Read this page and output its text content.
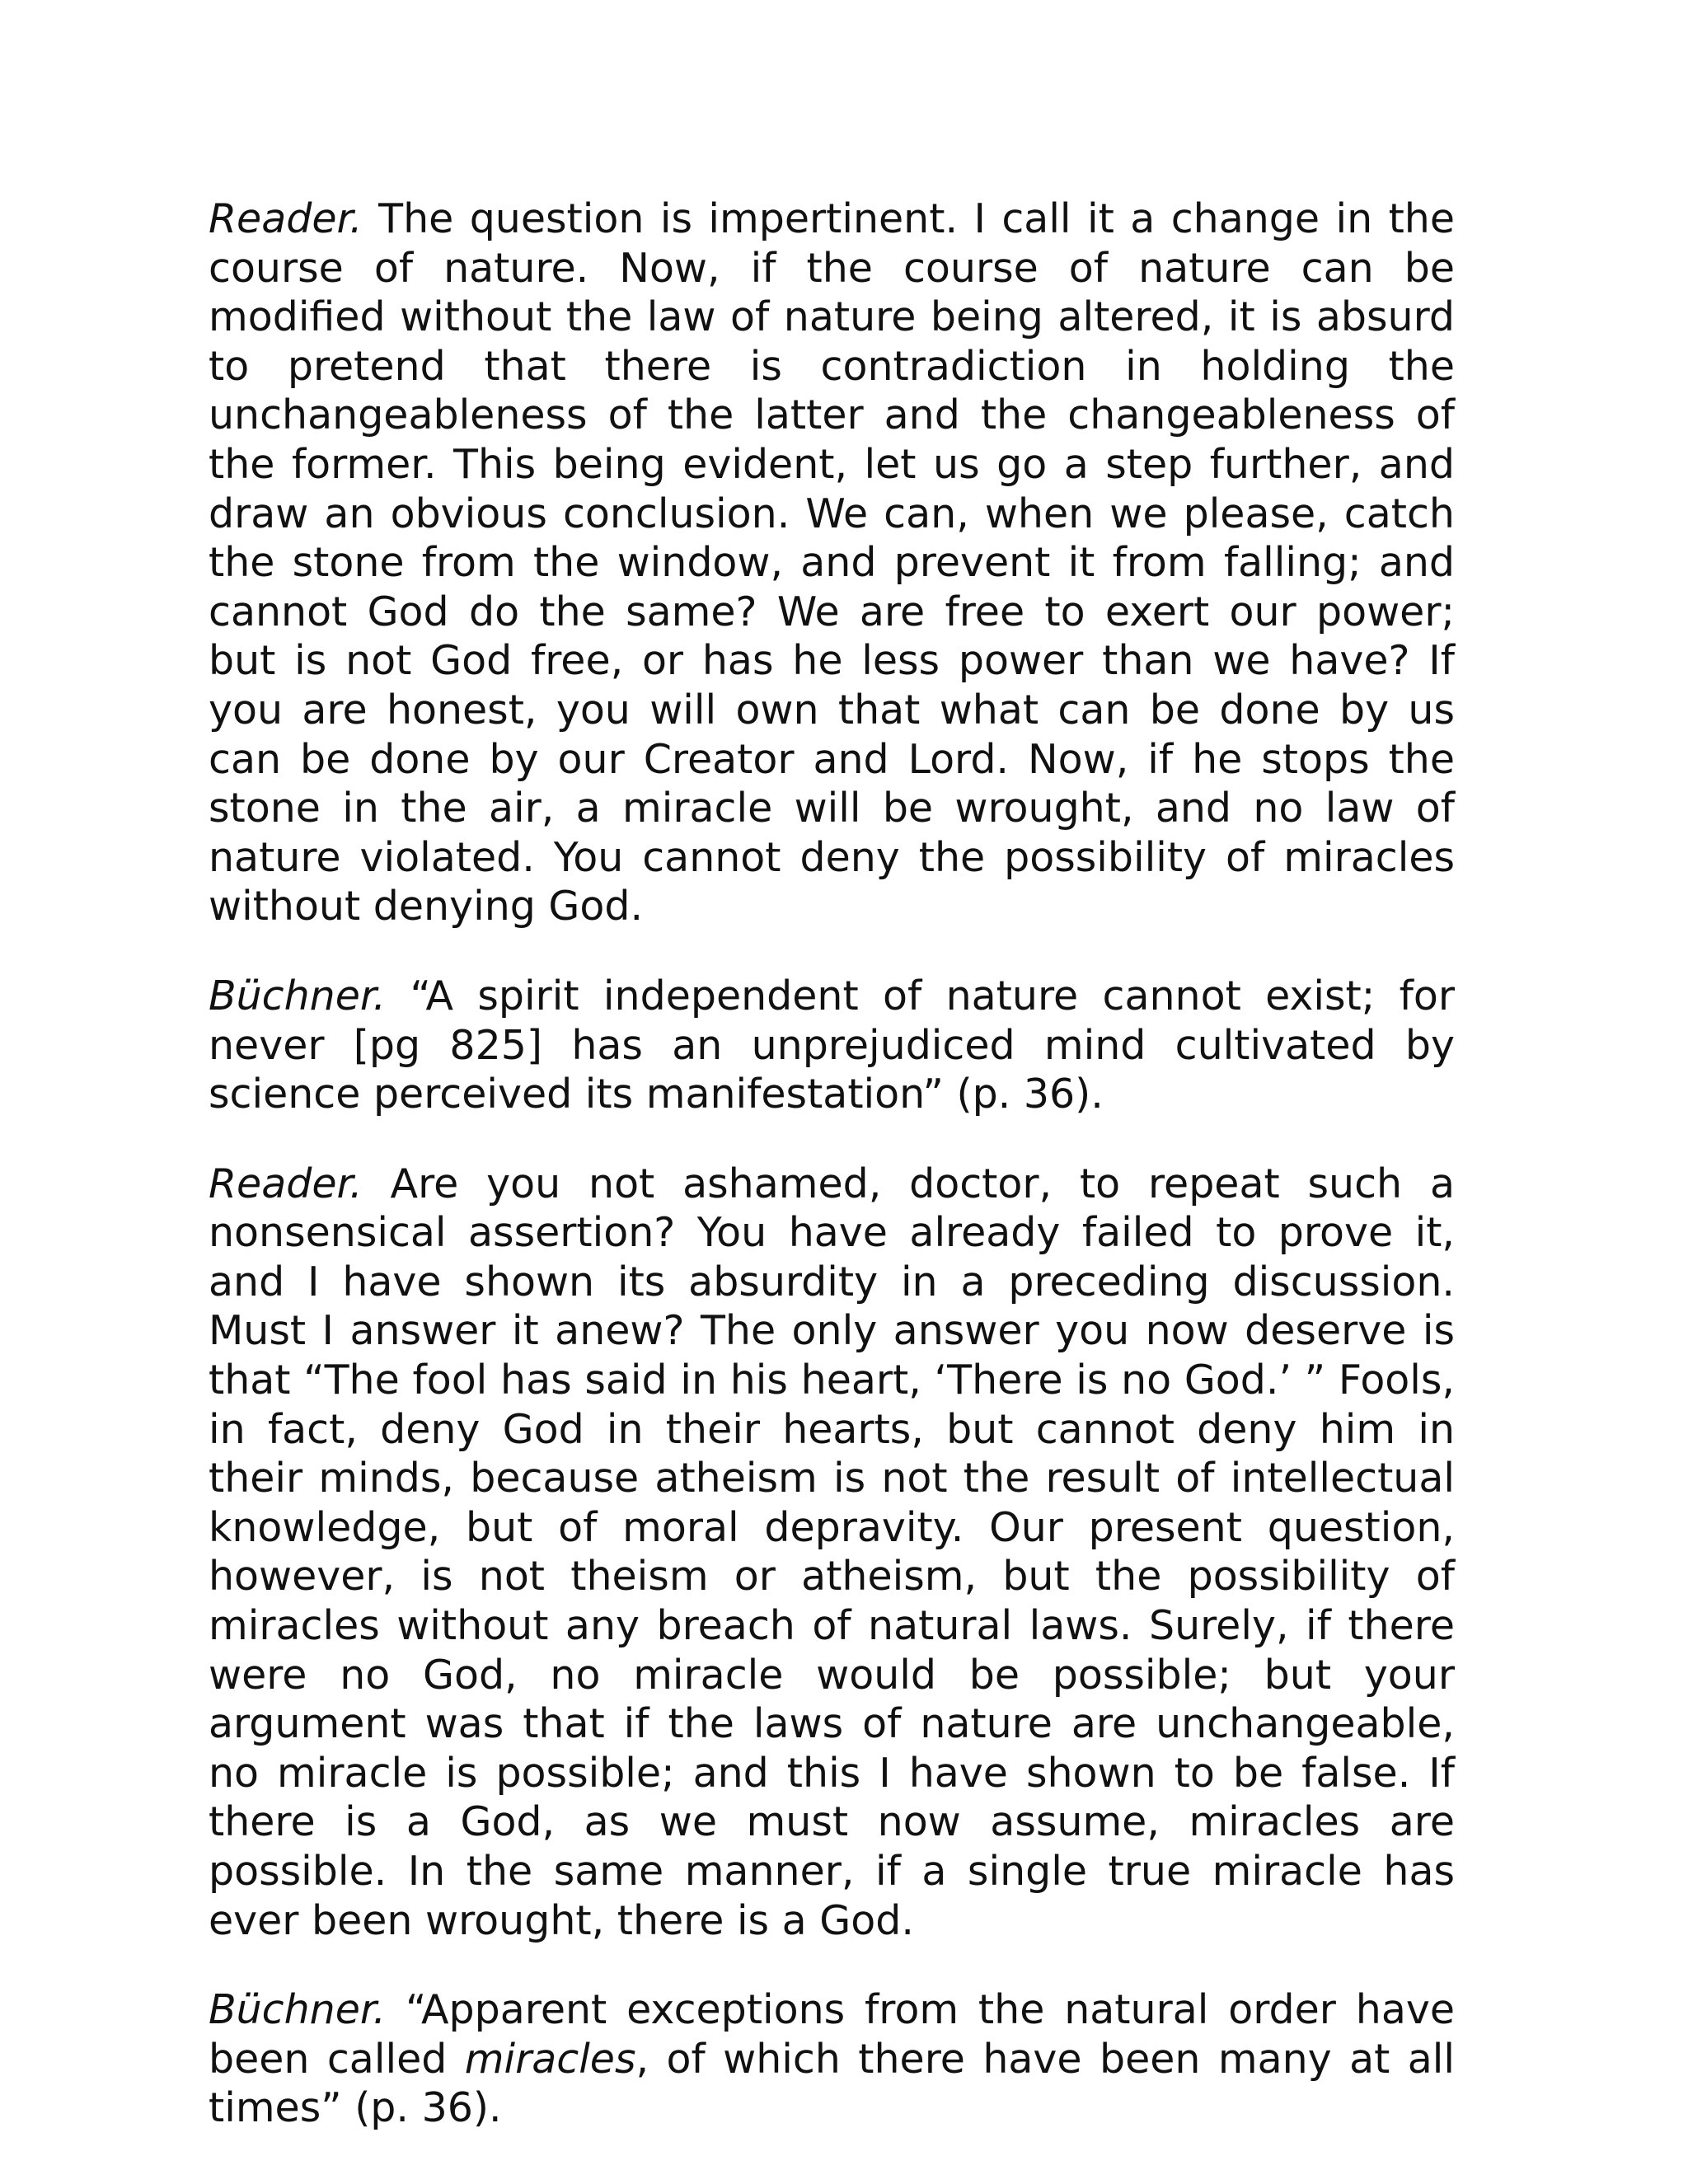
Reader. The question is impertinent. I call it a change in the course of nature. Now, if the course of nature can be modified without the law of nature being altered, it is absurd to pretend that there is contradiction in holding the unchangeableness of the latter and the changeableness of the former. This being evident, let us go a step further, and draw an obvious conclusion. We can, when we please, catch the stone from the window, and prevent it from falling; and cannot God do the same? We are free to exert our power; but is not God free, or has he less power than we have? If you are honest, you will own that what can be done by us can be done by our Creator and Lord. Now, if he stops the stone in the air, a miracle will be wrought, and no law of nature violated. You cannot deny the possibility of miracles without denying God.

Büchner. “A spirit independent of nature cannot exist; for never [pg 825] has an unprejudiced mind cultivated by science perceived its manifestation” (p. 36).

Reader. Are you not ashamed, doctor, to repeat such a nonsensical assertion? You have already failed to prove it, and I have shown its absurdity in a preceding discussion. Must I answer it anew? The only answer you now deserve is that “The fool has said in his heart, ‘There is no God.’ ” Fools, in fact, deny God in their hearts, but cannot deny him in their minds, because atheism is not the result of intellectual knowledge, but of moral depravity. Our present question, however, is not theism or atheism, but the possibility of miracles without any breach of natural laws. Surely, if there were no God, no miracle would be possible; but your argument was that if the laws of nature are unchangeable, no miracle is possible; and this I have shown to be false. If there is a God, as we must now assume, miracles are possible. In the same manner, if a single true miracle has ever been wrought, there is a God.

Büchner. “Apparent exceptions from the natural order have been called miracles, of which there have been many at all times” (p. 36).
